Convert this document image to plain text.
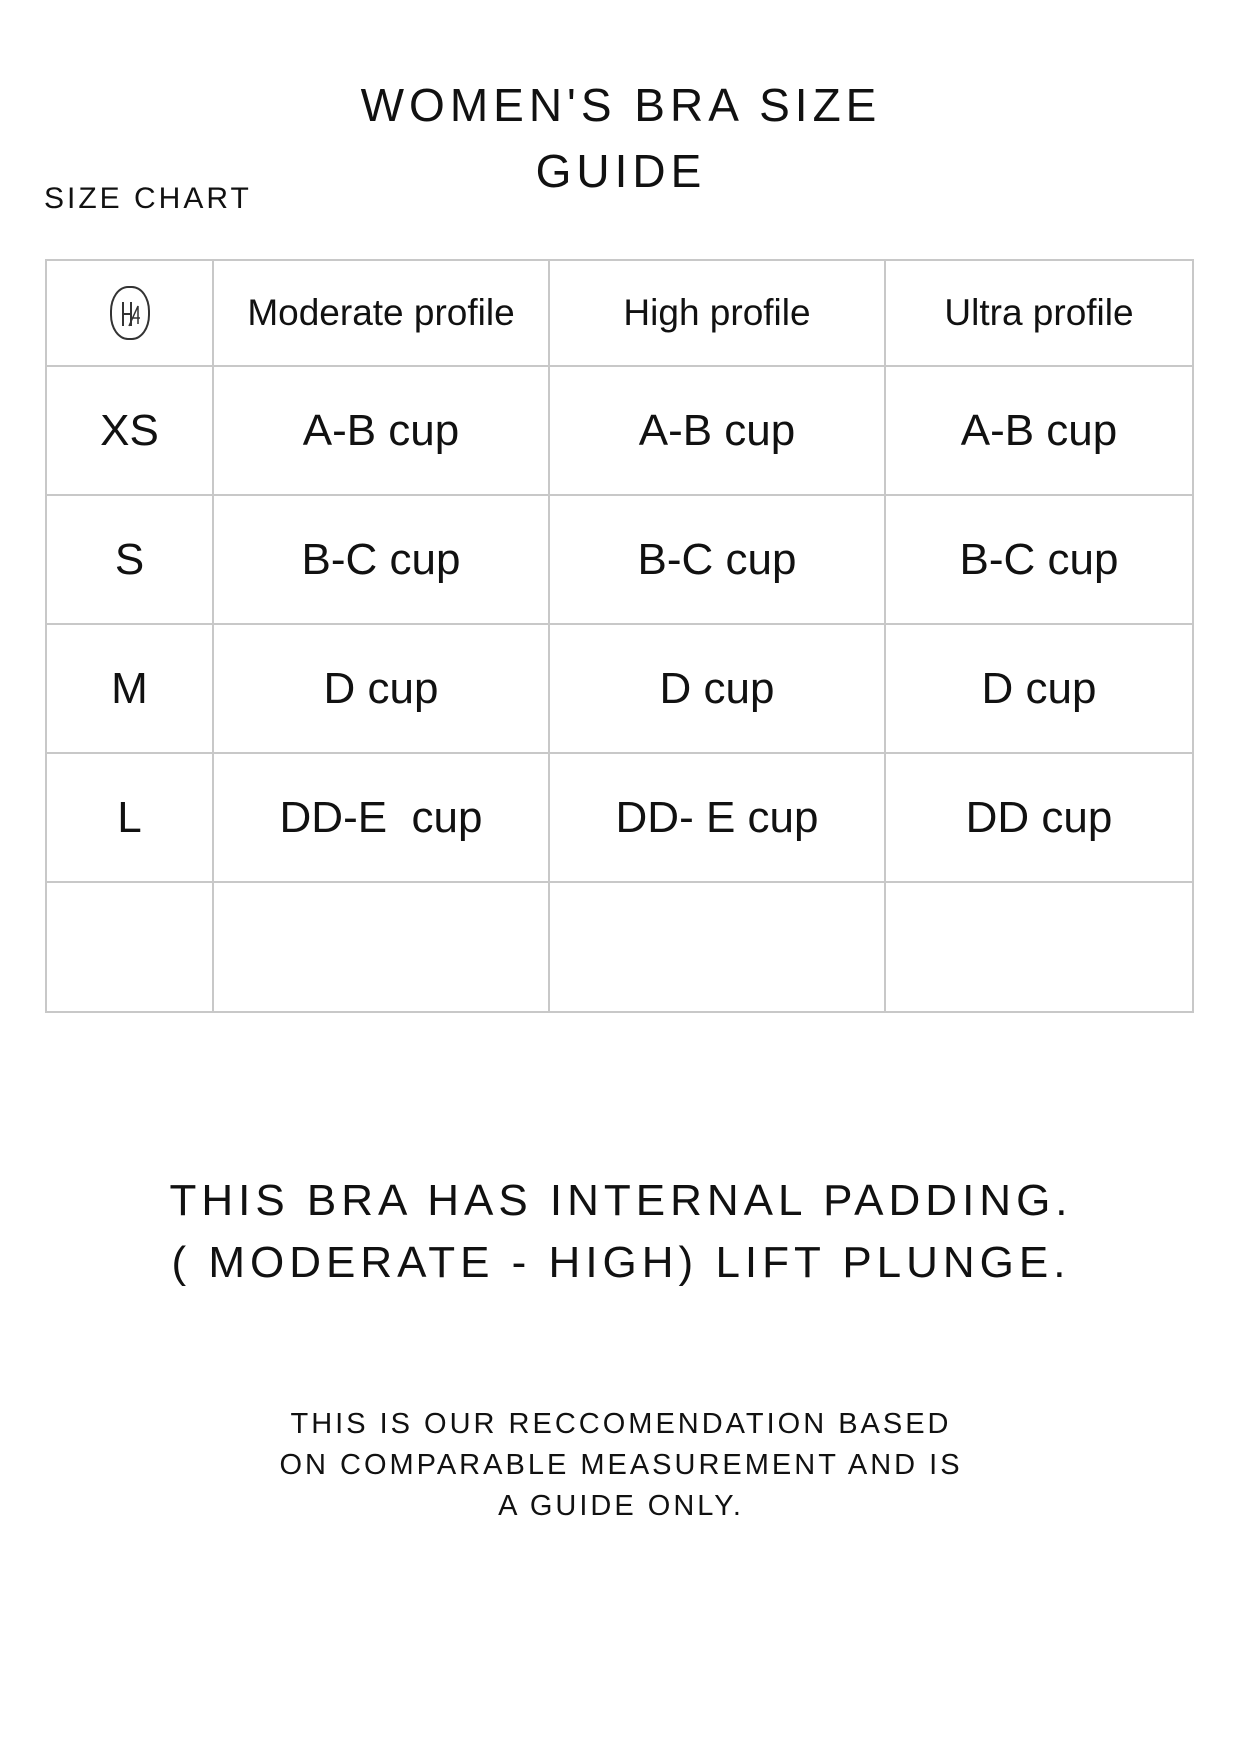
WOMEN'S BRA SIZE
GUIDE

SIZE CHART

	Moderate profile	High profile	Ultra profile
XS	A-B cup	A-B cup	A-B cup
S	B-C cup	B-C cup	B-C cup
M	D cup	D cup	D cup
L	DD-E  cup	DD- E cup	DD cup

THIS BRA HAS INTERNAL PADDING.
( MODERATE - HIGH) LIFT PLUNGE.

THIS IS OUR RECCOMENDATION BASED
ON COMPARABLE MEASUREMENT AND IS
A GUIDE ONLY.
